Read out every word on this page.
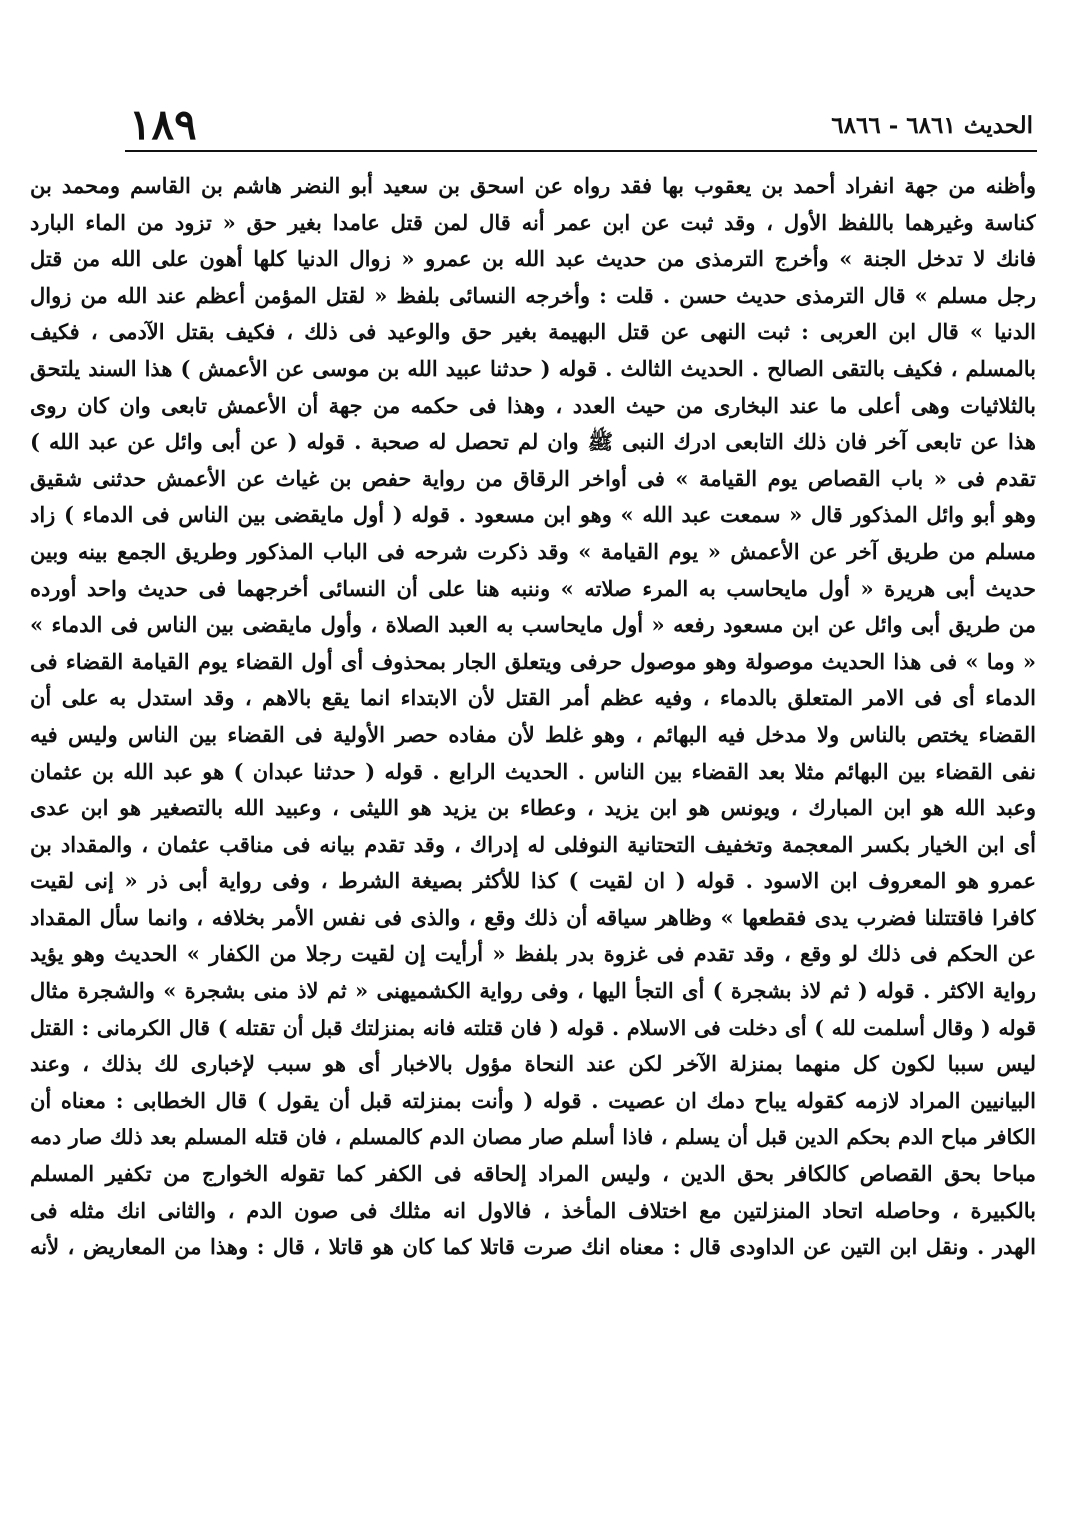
الحديث ٦٨٦١ - ٦٨٦٦
١٨٩
وأظنه من جهة انفراد أحمد بن يعقوب بها فقد رواه عن اسحق بن سعيد أبو النضر هاشم بن القاسم ومحمد بن
كناسة وغيرهما باللفظ الأول ، وقد ثبت عن ابن عمر أنه قال لمن قتل عامدا بغير حق « تزود من الماء البارد
فانك لا تدخل الجنة » وأخرج الترمذى من حديث عبد الله بن عمرو « زوال الدنيا كلها أهون على الله من قتل
رجل مسلم » قال الترمذى حديث حسن . قلت : وأخرجه النسائى بلفظ « لقتل المؤمن أعظم عند الله من زوال
الدنيا » قال ابن العربى : ثبت النهى عن قتل البهيمة بغير حق والوعيد فى ذلك ، فكيف بقتل الآدمى ، فكيف
بالمسلم ، فكيف بالتقى الصالح . الحديث الثالث . قوله ( حدثنا عبيد الله بن موسى عن الأعمش ) هذا السند يلتحق
بالثلاثيات وهى أعلى ما عند البخارى من حيث العدد ، وهذا فى حكمه من جهة أن الأعمش تابعى وان كان روى
هذا عن تابعى آخر فان ذلك التابعى ادرك النبى ﷺ وان لم تحصل له صحبة . قوله ( عن أبى وائل عن عبد الله )
تقدم فى « باب القصاص يوم القيامة » فى أواخر الرقاق من رواية حفص بن غياث عن الأعمش حدثنى شقيق
وهو أبو وائل المذكور قال « سمعت عبد الله » وهو ابن مسعود . قوله ( أول مايقضى بين الناس فى الدماء ) زاد
مسلم من طريق آخر عن الأعمش « يوم القيامة » وقد ذكرت شرحه فى الباب المذكور وطريق الجمع بينه وبين
حديث أبى هريرة « أول مايحاسب به المرء صلاته » وننبه هنا على أن النسائى أخرجهما فى حديث واحد أورده
من طريق أبى وائل عن ابن مسعود رفعه « أول مايحاسب به العبد الصلاة ، وأول مايقضى بين الناس فى الدماء »
« وما » فى هذا الحديث موصولة وهو موصول حرفى ويتعلق الجار بمحذوف أى أول القضاء يوم القيامة القضاء فى
الدماء أى فى الامر المتعلق بالدماء ، وفيه عظم أمر القتل لأن الابتداء انما يقع بالاهم ، وقد استدل به على أن
القضاء يختص بالناس ولا مدخل فيه البهائم ، وهو غلط لأن مفاده حصر الأولية فى القضاء بين الناس وليس فيه
نفى القضاء بين البهائم مثلا بعد القضاء بين الناس . الحديث الرابع . قوله ( حدثنا عبدان ) هو عبد الله بن عثمان
وعبد الله هو ابن المبارك ، ويونس هو ابن يزيد ، وعطاء بن يزيد هو الليثى ، وعبيد الله بالتصغير هو ابن عدى
أى ابن الخيار بكسر المعجمة وتخفيف التحتانية النوفلى له إدراك ، وقد تقدم بيانه فى مناقب عثمان ، والمقداد بن
عمرو هو المعروف ابن الاسود . قوله ( ان لقيت ) كذا للأكثر بصيغة الشرط ، وفى رواية أبى ذر « إنى لقيت
كافرا فاقتتلنا فضرب يدى فقطعها » وظاهر سياقه أن ذلك وقع ، والذى فى نفس الأمر بخلافه ، وانما سأل المقداد
عن الحكم فى ذلك لو وقع ، وقد تقدم فى غزوة بدر بلفظ « أرأيت إن لقيت رجلا من الكفار » الحديث وهو يؤيد
رواية الاكثر . قوله ( ثم لاذ بشجرة ) أى التجأ اليها ، وفى رواية الكشميهنى « ثم لاذ منى بشجرة » والشجرة مثال
قوله ( وقال أسلمت لله ) أى دخلت فى الاسلام . قوله ( فان قتلته فانه بمنزلتك قبل أن تقتله ) قال الكرمانى : القتل
ليس سببا لكون كل منهما بمنزلة الآخر لكن عند النحاة مؤول بالاخبار أى هو سبب لإخبارى لك بذلك ، وعند
البيانيين المراد لازمه كقوله يباح دمك ان عصيت . قوله ( وأنت بمنزلته قبل أن يقول ) قال الخطابى : معناه أن
الكافر مباح الدم بحكم الدين قبل أن يسلم ، فاذا أسلم صار مصان الدم كالمسلم ، فان قتله المسلم بعد ذلك صار دمه
مباحا بحق القصاص كالكافر بحق الدين ، وليس المراد إلحاقه فى الكفر كما تقوله الخوارج من تكفير المسلم
بالكبيرة ، وحاصله اتحاد المنزلتين مع اختلاف المأخذ ، فالاول انه مثلك فى صون الدم ، والثانى انك مثله فى
الهدر . ونقل ابن التين عن الداودى قال : معناه انك صرت قاتلا كما كان هو قاتلا ، قال : وهذا من المعاريض ، لأنه
